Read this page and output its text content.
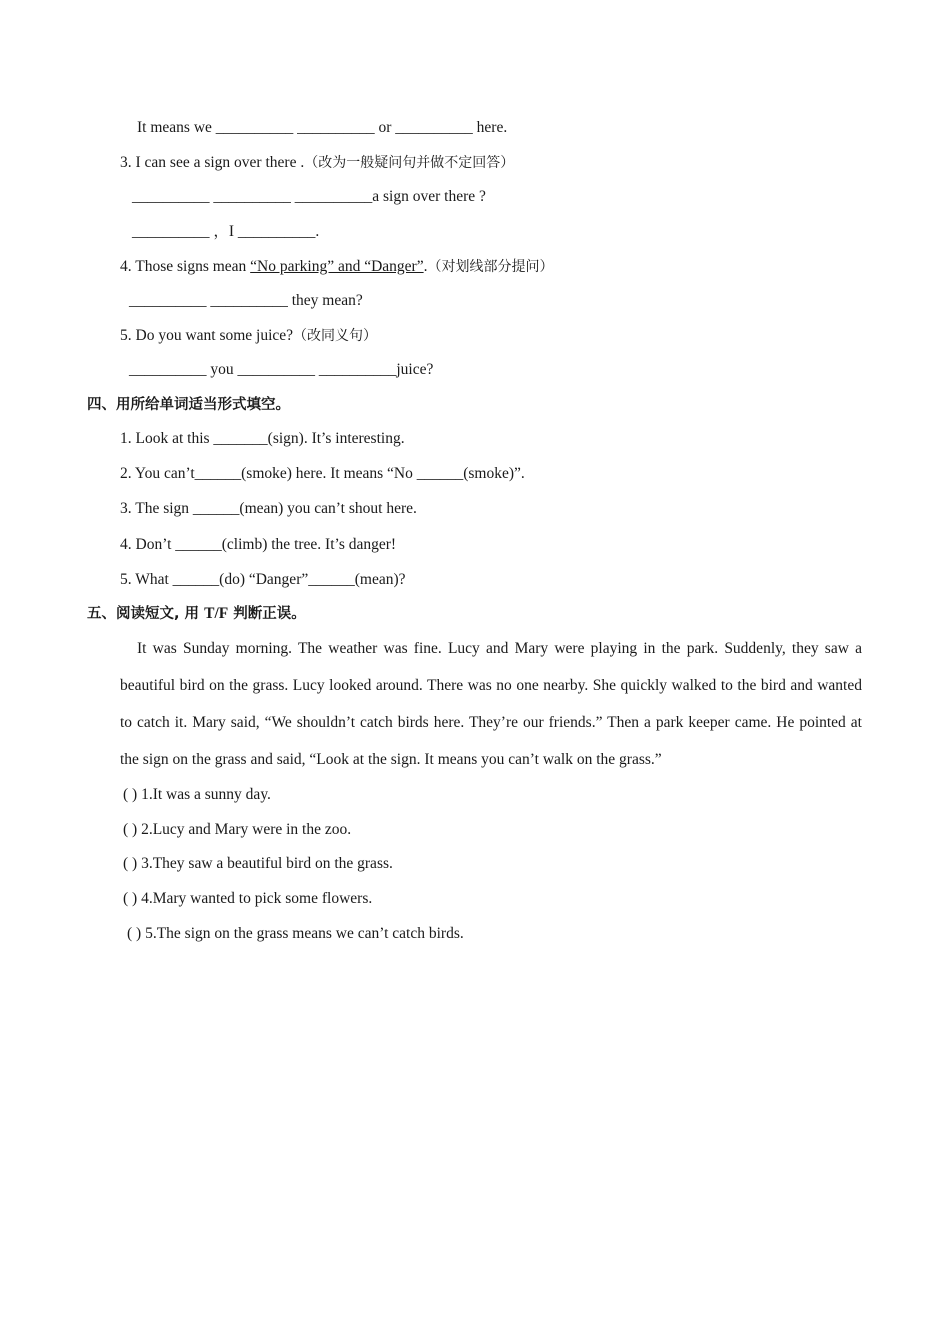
It means we __________ __________ or __________ here.
3. I can see a sign over there .（改为一般疑问句并做不定回答）
__________ __________ __________a sign over there ?
__________ ，I __________.
4. Those signs mean “No parking” and “Danger”.（对划线部分提问）
__________ __________ they mean?
5. Do you want some juice?（改同义句）
__________ you __________ __________juice?
四、用所给单词适当形式填空。
1. Look at this _______(sign). It’s interesting.
2. You can’t______(smoke) here. It means “No ______(smoke)”.
3. The sign ______(mean) you can’t shout here.
4. Don’t ______(climb) the tree. It’s danger!
5. What ______(do) “Danger”______(mean)?
五、阅读短文, 用 T/F 判断正误。
It was Sunday morning. The weather was fine. Lucy and Mary were playing in the park. Suddenly, they saw a beautiful bird on the grass. Lucy looked around. There was no one nearby. She quickly walked to the bird and wanted to catch it. Mary said, “We shouldn’t catch birds here. They’re our friends.” Then a park keeper came. He pointed at the sign on the grass and said, “Look at the sign. It means you can’t walk on the grass.”
( ) 1.It was a sunny day.
( ) 2.Lucy and Mary were in the zoo.
( ) 3.They saw a beautiful bird on the grass.
( ) 4.Mary wanted to pick some flowers.
( ) 5.The sign on the grass means we can’t catch birds.
